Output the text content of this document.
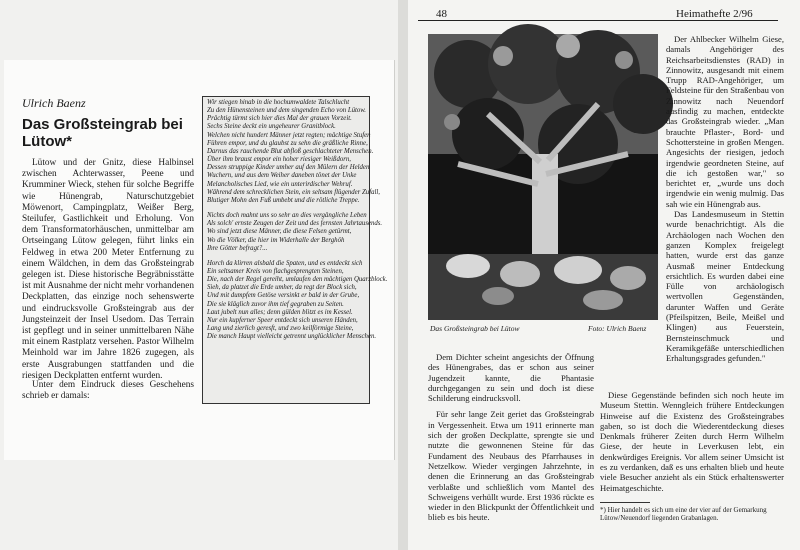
Ulrich Baenz
Das Großsteingrab bei Lütow*

Lütow und der Gnitz, diese Halbinsel zwischen Achterwasser, Peene und Krumminer Wieck, stehen für solche Begriffe wie Hünengrab, Naturschutzgebiet Möwenort, Campingplatz, Weißer Berg, Steilufer, Gastlichkeit und Erholung. Von dem Transformatorhäuschen, unmittelbar am Ortseingang Lütow gelegen, führt links ein Feldweg in etwa 200 Meter Entfernung zu einem Wäldchen, in dem das Großsteingrab gelegen ist. Diese historische Begräbnisstätte ist mit Ausnahme der nicht mehr vorhandenen Deckplatten, das einzige noch sehenswerte und eindrucksvolle Großsteingrab aus der Jungsteinzeit der Insel Usedom. Das Terrain ist gepflegt und in seiner unmittelbaren Nähe mit einem Rastplatz versehen. Pastor Wilhelm Meinhold war im Jahre 1826 zugegen, als erste Ausgrabungen stattfanden und die riesigen Deckplatten entfernt wurden.

Unter dem Eindruck dieses Geschehens schrieb er damals:

Wir stiegen hinab in die hochumwaldete Talschlucht
Zu den Hünensteinen und dem singenden Echo von Lütow.
Prächtig türmt sich hier dies Mal der grauen Vorzeit.
Sechs Steine deckt ein ungeheurer Granitblock.
Welchen nicht hundert Männer jetzt regten; mächtige Stufen
Führen empor, und du glaubst zu sehn die gräßliche Rinne,
Darnus das rauchende Blut abfloß geschlachteter Menschen.
Über ihm braust empor ein hoher riesiger Weißdorn,
Dessen struppige Kinder umher auf den Mülern der Helden
Wuchern, und aus dem Weiher daneben tönet der Unke
Melancholisches Lied, wie ein unterirdischer Wehruf.
Während dem schrecklichen Stein, ein seltsam flügender Zufall,
Blutiger Mohn den Fuß umbebt und die rötliche Treppe.
Nichts doch mahnt uns so sehr an dies vergängliche Leben
Als solch' ernste Zeugen der Zeit und des fernsten Jahrtausends.
Wo sind jetzt diese Männer, die diese Felsen getürmt,
Wo die Völker, die hier im Widerhalle der Berghöh
Ihre Götter befragt?...
Horch da klirren alsbald die Spaten, und es entdeckt sich
Ein seltsamer Kreis von flachgesprengten Steinen,
Die, nach der Regel gereiht, umlaufen den mächtigen Quarzblock.
Sieh, da platzet die Erde umher, da regt der Block sich,
Und mit dumpfem Getöse versinkt er bald in der Grube,
Die sie kläglich zuvor ihm tief gegraben zu Seiten.
Laut jubelt nun alles; denn gülden blitzt es im Kessel.
Nur ein kupferner Speer entdeckt sich unseren Händen,
Lang und zierlich geresft, und zwo keilförmige Steine,
Die manch Haupt vielleicht getrennt unglücklicher Menschen.
48	Heimathefte 2/96
Das Großsteingrab bei Lütow	Foto: Ulrich Baenz

Der Ahlbecker Wilhelm Giese, damals Angehöriger des Reichsarbeitsdienstes (RAD) in Zinnowitz, ausgesandt mit einem Trupp RAD-Angehöriger, um Feldsteine für den Straßenbau von Zinnowitz nach Neuendorf ausfindig zu machen, entdeckte das Großsteingrab wieder. „Man brauchte Pflaster-, Bord- und Schottersteine in großen Mengen. Angesichts der riesigen, jedoch irgendwie geordneten Steine, auf die ich gestoßen war," so berichtet er, „wurde uns doch irgendwie ein wenig mulmig. Das sah wie ein Hünengrab aus.

Das Landesmuseum in Stettin wurde benachrichtigt. Als die Archäologen nach Wochen den ganzen Komplex freigelegt hatten, wurde erst das ganze Ausmaß meiner Entdeckung ersichtlich. Es wurden dabei eine Fülle von archäologisch wertvollen Gegenständen, darunter Waffen und Geräte (Pfeilspitzen, Beile, Meißel und Klingen) aus Feuerstein, Bernsteinschmuck und Keramikgefäße unterschiedlichen Erhaltungsgrades gefunden."

Dem Dichter scheint angesichts der Öffnung des Hünengrabes, das er schon aus seiner Jugendzeit kannte, die Phantasie durchgegangen zu sein und doch ist diese Schilderung eindrucksvoll.

Für sehr lange Zeit geriet das Großsteingrab in Vergessenheit. Etwa um 1911 erinnerte man sich der großen Deckplatte, sprengte sie und nutzte die gewonnenen Steine für das Fundament des Neubaus des Pfarrhauses in Netzelkow. Wieder vergingen Jahrzehnte, in denen die Erinnerung an das Großsteingrab verblaßte und schließlich vom Mantel des Schweigens verhüllt wurde. Erst 1936 rückte es wieder in den Blickpunkt der Öffentlichkeit und blieb es bis heute.

Diese Gegenstände befinden sich noch heute im Museum Stettin. Wenngleich frühere Entdeckungen Hinweise auf die Existenz des Großsteingrabes gaben, so ist doch die Wiederentdeckung dieses Denkmals früherer Zeiten durch Herrn Wilhelm Giese, der heute in Leverkusen lebt, ein denkwürdiges Ereignis. Vor allem seiner Umsicht ist es zu verdanken, daß es uns erhalten blieb und heute viele Besucher anzieht als ein Stück erhaltenswerter Heimatgeschichte.

*) Hier handelt es sich um eine der vier auf der Gemarkung Lütow/Neuendorf liegenden Grabanlagen.
